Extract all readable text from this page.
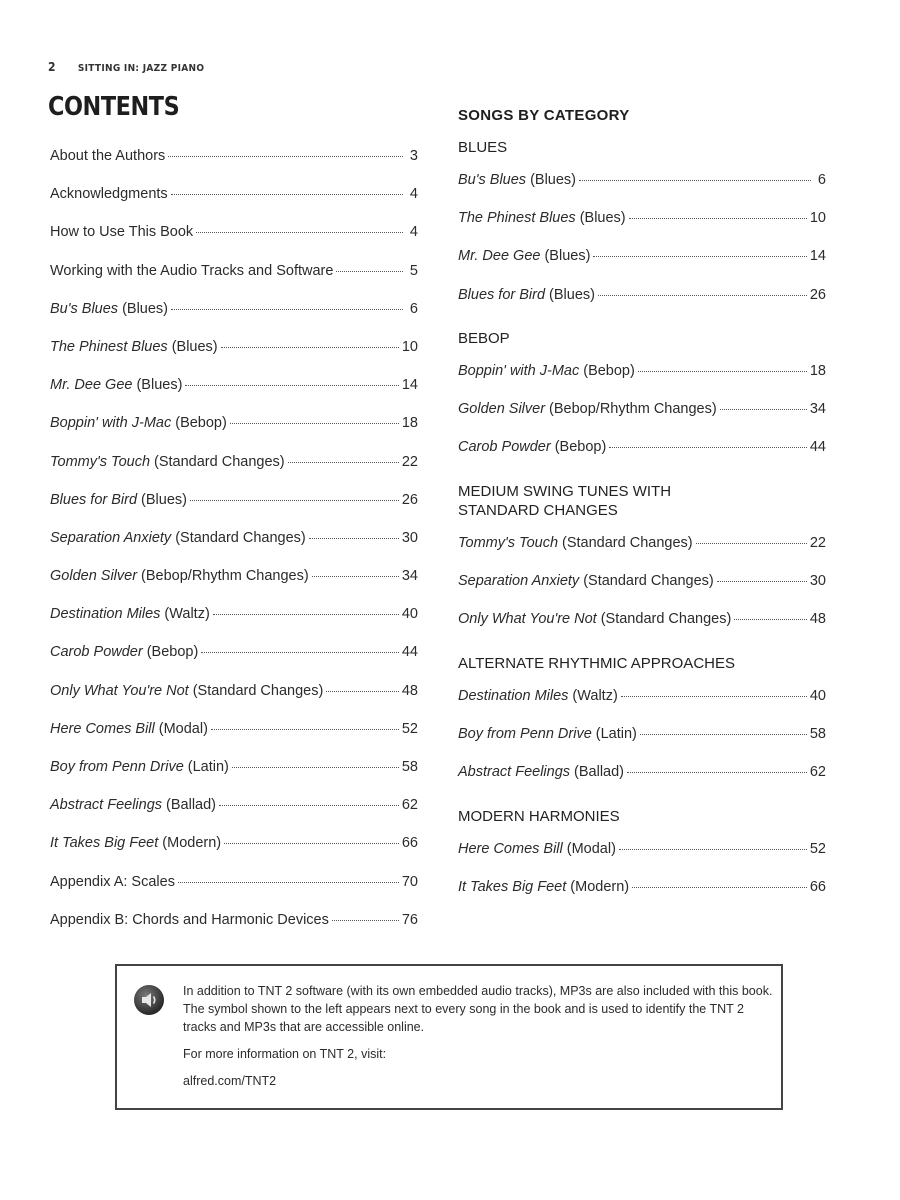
2 SITTING IN: JAZZ PIANO
CONTENTS
About the Authors	3
Acknowledgments	4
How to Use This Book	4
Working with the Audio Tracks and Software	5
Bu's Blues (Blues)	6
The Phinest Blues (Blues)	10
Mr. Dee Gee (Blues)	14
Boppin' with J-Mac (Bebop)	18
Tommy's Touch (Standard Changes)	22
Blues for Bird (Blues)	26
Separation Anxiety (Standard Changes)	30
Golden Silver (Bebop/Rhythm Changes)	34
Destination Miles (Waltz)	40
Carob Powder (Bebop)	44
Only What You're Not (Standard Changes)	48
Here Comes Bill (Modal)	52
Boy from Penn Drive (Latin)	58
Abstract Feelings (Ballad)	62
It Takes Big Feet (Modern)	66
Appendix A: Scales	70
Appendix B: Chords and Harmonic Devices	76
SONGS BY CATEGORY
BLUES
Bu's Blues (Blues)	6
The Phinest Blues (Blues)	10
Mr. Dee Gee (Blues)	14
Blues for Bird (Blues)	26
BEBOP
Boppin' with J-Mac (Bebop)	18
Golden Silver (Bebop/Rhythm Changes)	34
Carob Powder (Bebop)	44
MEDIUM SWING TUNES WITH
STANDARD CHANGES
Tommy's Touch (Standard Changes)	22
Separation Anxiety (Standard Changes)	30
Only What You're Not (Standard Changes)	48
ALTERNATE RHYTHMIC APPROACHES
Destination Miles (Waltz)	40
Boy from Penn Drive (Latin)	58
Abstract Feelings (Ballad)	62
MODERN HARMONIES
Here Comes Bill (Modal)	52
It Takes Big Feet (Modern)	66

In addition to TNT 2 software (with its own embedded audio tracks), MP3s are also included with this book. The symbol shown to the left appears next to every song in the book and is used to identify the TNT 2 tracks and MP3s that are accessible online.

For more information on TNT 2, visit:

alfred.com/TNT2
